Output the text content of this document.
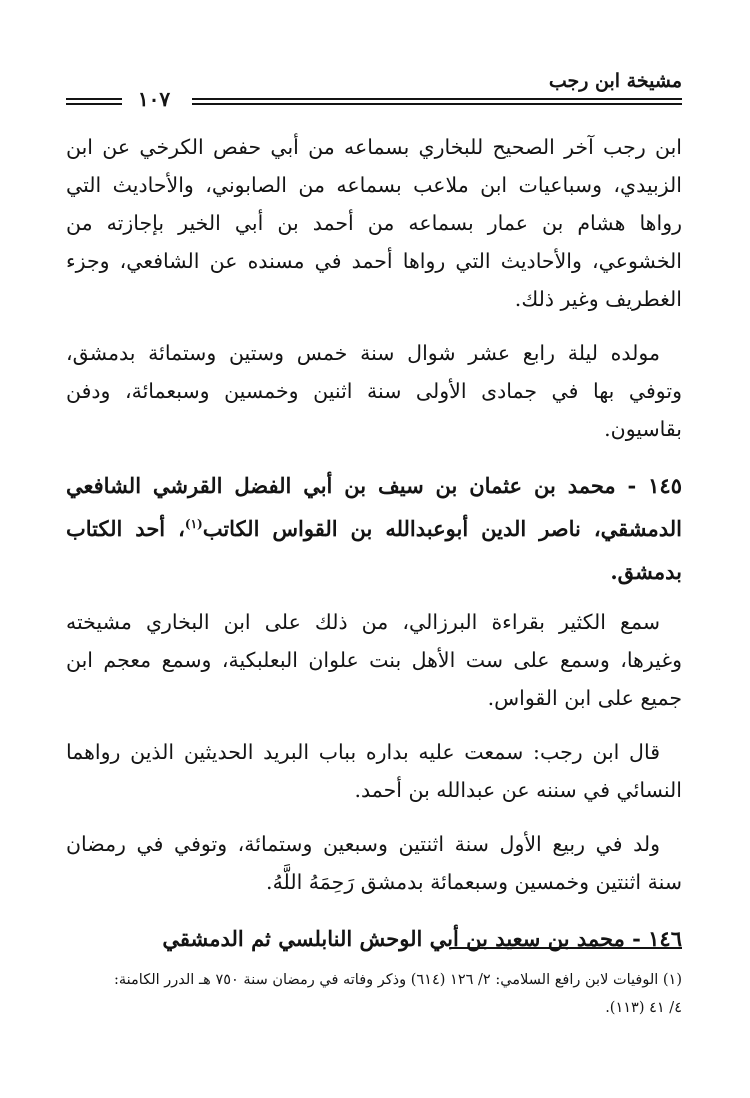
مشيخة ابن رجب
١٠٧

ابن رجب آخر الصحيح للبخاري بسماعه من أبي حفص الكرخي عن ابن الزبيدي، وسباعيات ابن ملاعب بسماعه من الصابوني، والأحاديث التي رواها هشام بن عمار بسماعه من أحمد بن أبي الخير بإجازته من الخشوعي، والأحاديث التي رواها أحمد في مسنده عن الشافعي، وجزء الغطريف وغير ذلك.

مولده ليلة رابع عشر شوال سنة خمس وستين وستمائة بدمشق، وتوفي بها في جمادى الأولى سنة اثنين وخمسين وسبعمائة، ودفن بقاسيون.

١٤٥ - محمد بن عثمان بن سيف بن أبي الفضل القرشي الشافعي الدمشقي، ناصر الدين أبوعبدالله بن القواس الكاتب$^{(١)}$، أحد الكتاب بدمشق.

سمع الكثير بقراءة البرزالي، من ذلك على ابن البخاري مشيخته وغيرها، وسمع على ست الأهل بنت علوان البعلبكية، وسمع معجم ابن جميع على ابن القواس.

قال ابن رجب: سمعت عليه بداره بباب البريد الحديثين الذين رواهما النسائي في سننه عن عبدالله بن أحمد.

ولد في ربيع الأول سنة اثنتين وسبعين وستمائة، وتوفي في رمضان سنة اثنتين وخمسين وسبعمائة بدمشق رَحِمَهُ اللَّهُ.

١٤٦ - محمد بن سعيد بن أبي الوحش النابلسي ثم الدمشقي

(١) الوفيات لابن رافع السلامي: ٢/ ١٢٦ (٦١٤) وذكر وفاته في رمضان سنة ٧٥٠ هـ الدرر الكامنة:

٤/ ٤١ (١١٣).
